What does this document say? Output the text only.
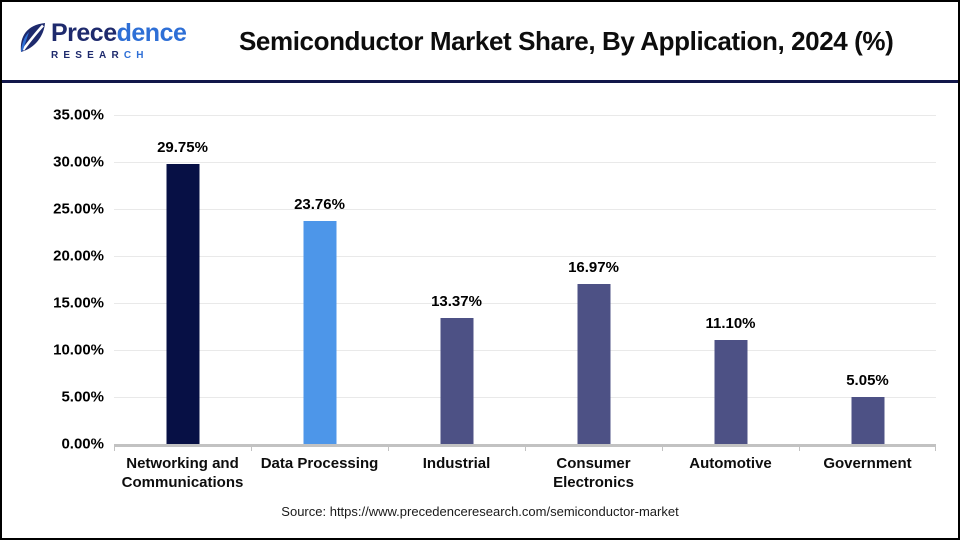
Precedence
RESEARCH	Semiconductor Market Share, By Application, 2024 (%)
35.00%
30.00%
25.00%
20.00%
15.00%
10.00%
5.00%
0.00%
29.75%
23.76%
13.37%
16.97%
11.10%
5.05%
Networking and Communications
Data Processing	Industrial	Consumer Electronics
Automotive	Government
Source: https://www.precedenceresearch.com/semiconductor-market
